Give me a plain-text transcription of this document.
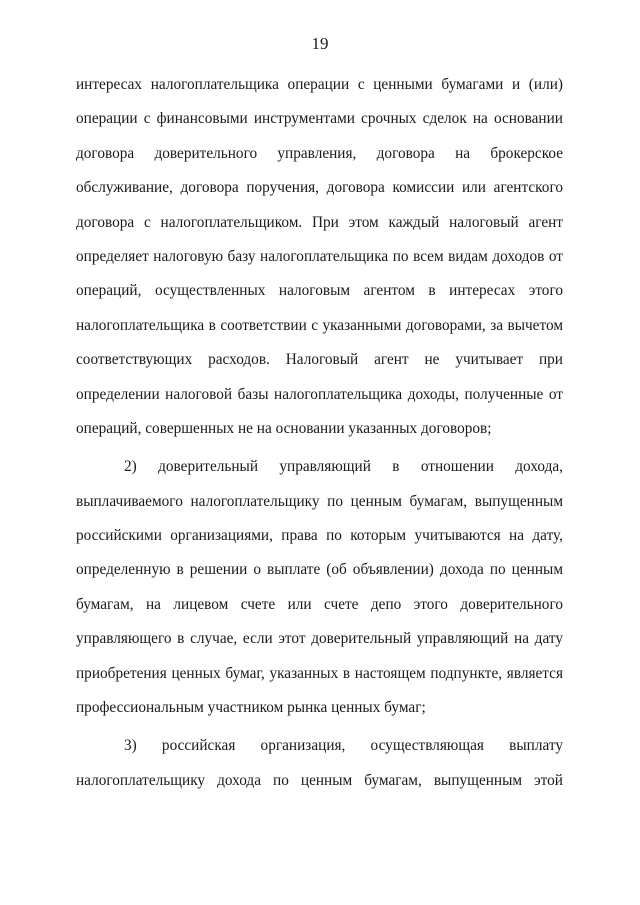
19
интересах налогоплательщика операции с ценными бумагами и (или)
операции с финансовыми инструментами срочных сделок на основании
договора доверительного управления, договора на брокерское
обслуживание, договора поручения, договора комиссии или агентского
договора с налогоплательщиком. При этом каждый налоговый агент
определяет налоговую базу налогоплательщика по всем видам доходов от
операций, осуществленных налоговым агентом в интересах этого
налогоплательщика в соответствии с указанными договорами, за вычетом
соответствующих расходов. Налоговый агент не учитывает при
определении налоговой базы налогоплательщика доходы, полученные от
операций, совершенных не на основании указанных договоров;
2) доверительный управляющий в отношении дохода,
выплачиваемого налогоплательщику по ценным бумагам, выпущенным
российскими организациями, права по которым учитываются на дату,
определенную в решении о выплате (об объявлении) дохода по ценным
бумагам, на лицевом счете или счете депо этого доверительного
управляющего в случае, если этот доверительный управляющий на дату
приобретения ценных бумаг, указанных в настоящем подпункте, является
профессиональным участником рынка ценных бумаг;
3) российская организация, осуществляющая выплату
налогоплательщику дохода по ценным бумагам, выпущенным этой
